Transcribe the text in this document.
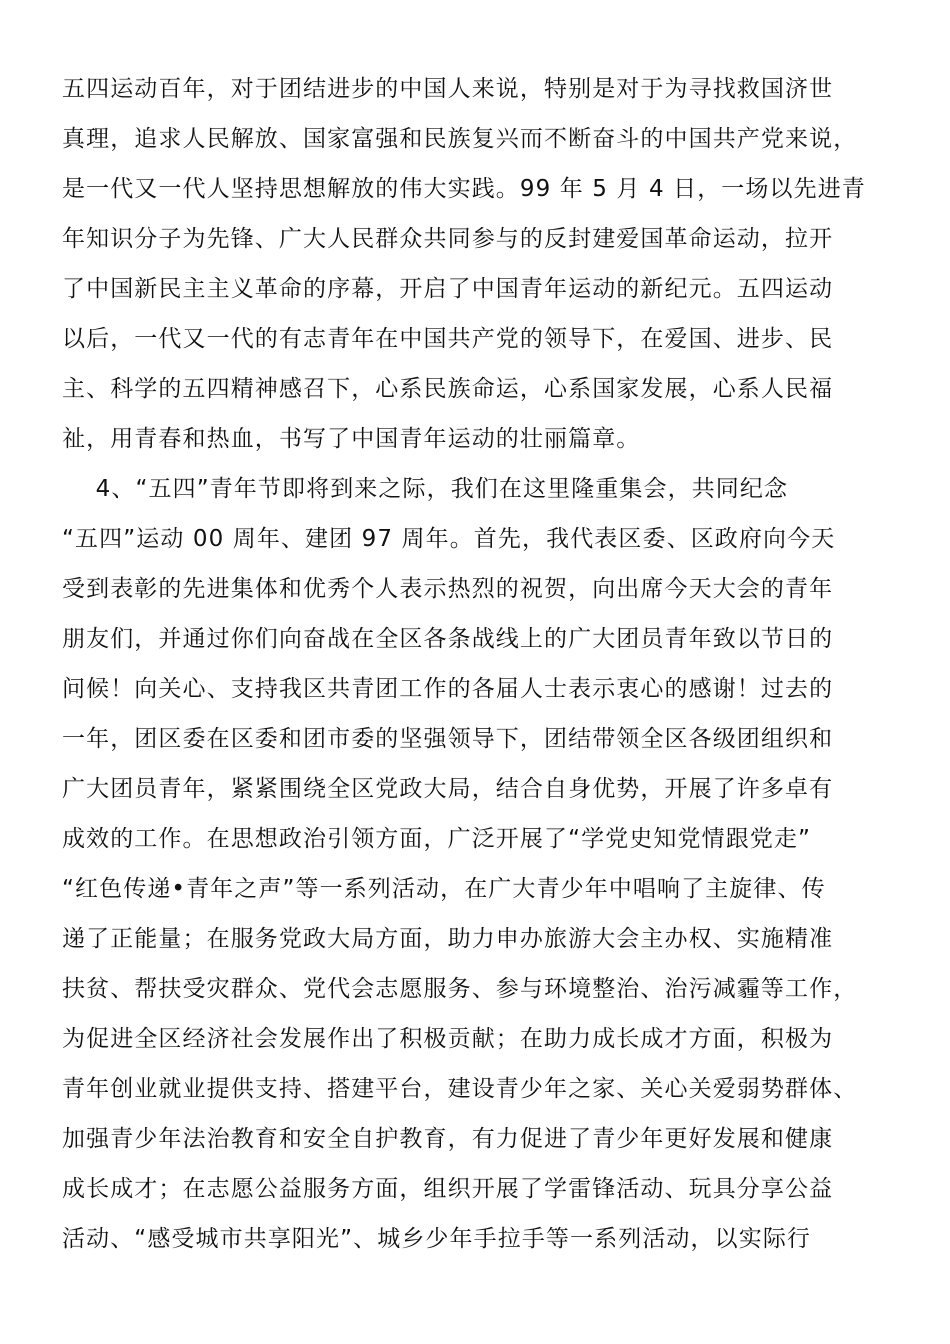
五四运动百年，对于团结进步的中国人来说，特别是对于为寻找救国济世
真理，追求人民解放、国家富强和民族复兴而不断奋斗的中国共产党来说，
是一代又一代人坚持思想解放的伟大实践。99 年 5 月 4 日，一场以先进青
年知识分子为先锋、广大人民群众共同参与的反封建爱国革命运动，拉开
了中国新民主主义革命的序幕，开启了中国青年运动的新纪元。五四运动
以后，一代又一代的有志青年在中国共产党的领导下，在爱国、进步、民
主、科学的五四精神感召下，心系民族命运，心系国家发展，心系人民福
祉，用青春和热血，书写了中国青年运动的壮丽篇章。
4、“五四”青年节即将到来之际，我们在这里隆重集会，共同纪念
“五四”运动 00 周年、建团 97 周年。首先，我代表区委、区政府向今天
受到表彰的先进集体和优秀个人表示热烈的祝贺，向出席今天大会的青年
朋友们，并通过你们向奋战在全区各条战线上的广大团员青年致以节日的
问候！向关心、支持我区共青团工作的各届人士表示衷心的感谢！过去的
一年，团区委在区委和团市委的坚强领导下，团结带领全区各级团组织和
广大团员青年，紧紧围绕全区党政大局，结合自身优势，开展了许多卓有
成效的工作。在思想政治引领方面，广泛开展了“学党史知党情跟党走”
“红色传递•青年之声”等一系列活动，在广大青少年中唱响了主旋律、传
递了正能量；在服务党政大局方面，助力申办旅游大会主办权、实施精准
扶贫、帮扶受灾群众、党代会志愿服务、参与环境整治、治污减霾等工作，
为促进全区经济社会发展作出了积极贡献；在助力成长成才方面，积极为
青年创业就业提供支持、搭建平台，建设青少年之家、关心关爱弱势群体、
加强青少年法治教育和安全自护教育，有力促进了青少年更好发展和健康
成长成才；在志愿公益服务方面，组织开展了学雷锋活动、玩具分享公益
活动、“感受城市共享阳光”、城乡少年手拉手等一系列活动，以实际行
